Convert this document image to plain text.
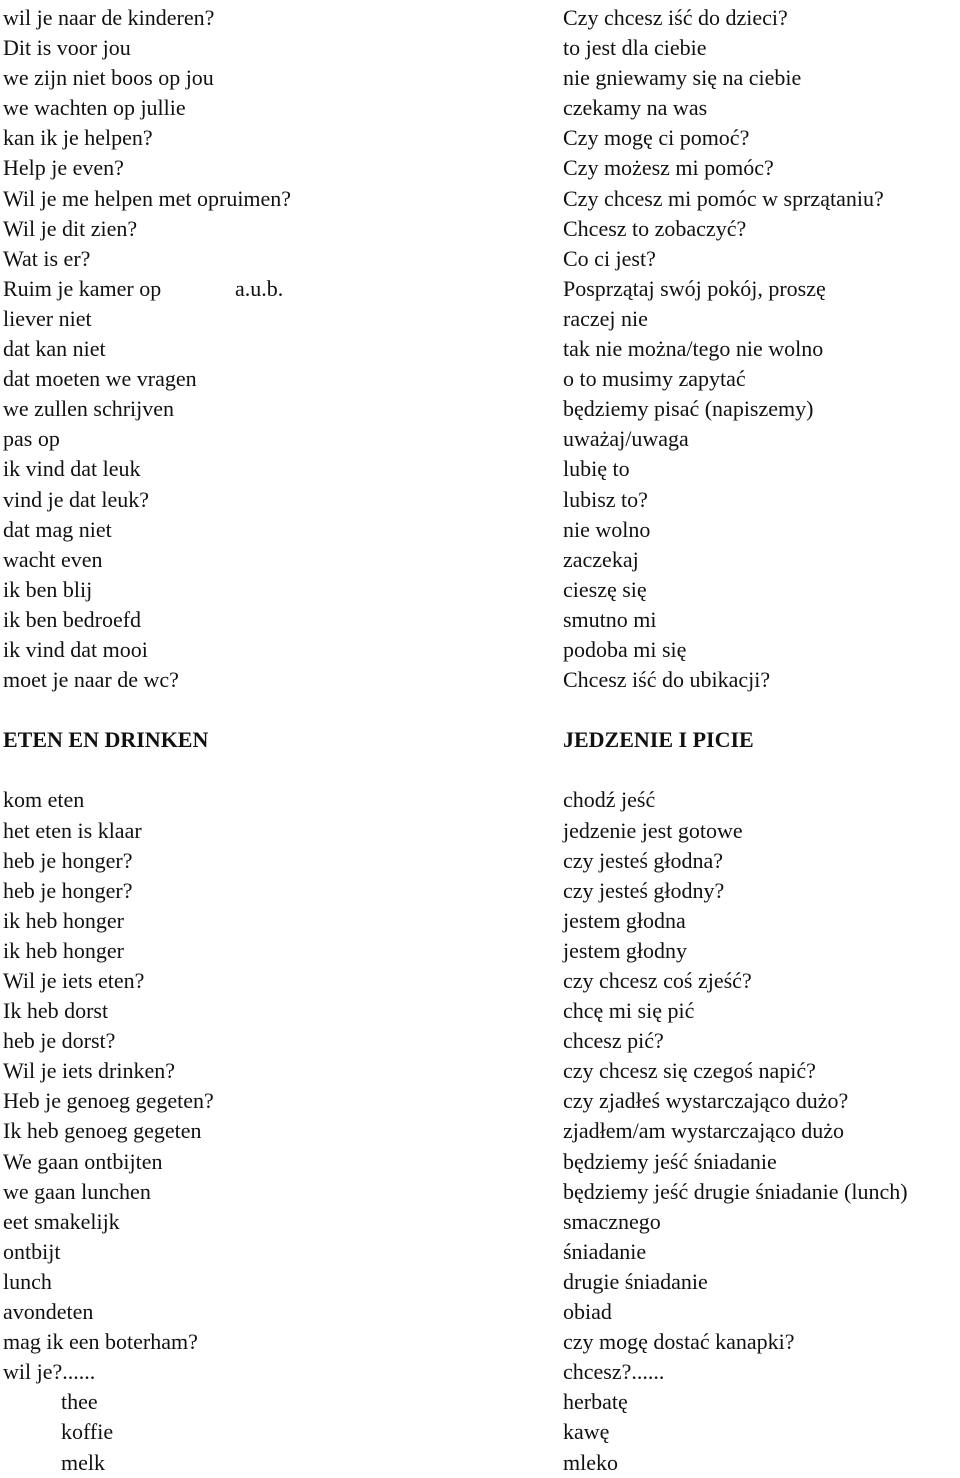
wil je naar de kinderen?
Dit is voor jou
we zijn niet boos op jou
we wachten op jullie
kan ik je helpen?
Help je even?
Wil je me helpen met opruimen?
Wil je dit zien?
Wat is er?
Ruim je kamer op	a.u.b.
liever niet
dat kan niet
dat moeten we vragen
we zullen schrijven
pas op
ik vind dat leuk
vind je dat leuk?
dat mag niet
wacht even
ik ben blij
ik ben bedroefd
ik vind dat mooi
moet je naar de wc?
ETEN EN DRINKEN
kom eten
het eten is klaar
heb je honger?
heb je honger?
ik heb honger
ik heb honger
Wil je iets eten?
Ik heb dorst
heb je dorst?
Wil je iets drinken?
Heb je genoeg gegeten?
Ik heb genoeg gegeten
We gaan ontbijten
we gaan lunchen
eet smakelijk
ontbijt
lunch
avondeten
mag ik een boterham?
wil je?......
thee
koffie
melk
Czy chcesz iść do dzieci?
to jest dla ciebie
nie gniewamy się na ciebie
czekamy na was
Czy mogę ci pomoć?
Czy możesz mi pomóc?
Czy chcesz mi pomóc w sprzątaniu?
Chcesz to zobaczyć?
Co ci jest?
Posprzątaj swój pokój, proszę
raczej nie
tak nie można/tego nie wolno
o to musimy zapytać
będziemy pisać (napiszemy)
uważaj/uwaga
lubię to
lubisz to?
nie wolno
zaczekaj
cieszę się
smutno mi
podoba mi się
Chcesz iść do ubikacji?
JEDZENIE I PICIE
chodź jeść
jedzenie jest gotowe
czy jesteś głodna?
czy jesteś głodny?
jestem głodna
jestem głodny
czy chcesz coś zjeść?
chcę mi się pić
chcesz pić?
czy chcesz się czegoś napić?
czy zjadłeś wystarczająco dużo?
zjadłem/am wystarczająco dużo
będziemy jeść śniadanie
będziemy jeść drugie śniadanie (lunch)
smacznego
śniadanie
drugie śniadanie
obiad
czy mogę dostać kanapki?
chcesz?......
herbatę
kawę
mleko
